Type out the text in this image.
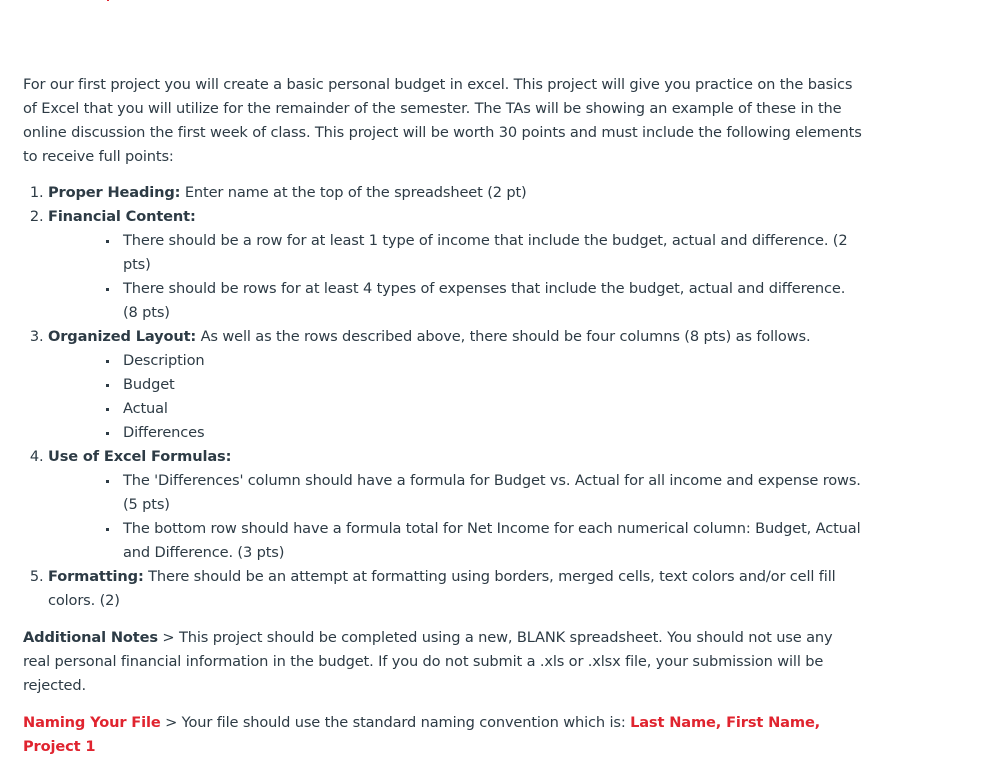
For our first project you will create a basic personal budget in excel. This project will give you practice on the basics of Excel that you will utilize for the remainder of the semester. The TAs will be showing an example of these in the online discussion the first week of class. This project will be worth 30 points and must include the following elements to receive full points:

1. Proper Heading: Enter name at the top of the spreadsheet (2 pt)
2. Financial Content:
There should be a row for at least 1 type of income that include the budget, actual and difference. (2 pts)
There should be rows for at least 4 types of expenses that include the budget, actual and difference. (8 pts)
3. Organized Layout: As well as the rows described above, there should be four columns (8 pts) as follows.
Description
Budget
Actual
Differences
4. Use of Excel Formulas:
The 'Differences' column should have a formula for Budget vs. Actual for all income and expense rows. (5 pts)
The bottom row should have a formula total for Net Income for each numerical column: Budget, Actual and Difference. (3 pts)
5. Formatting: There should be an attempt at formatting using borders, merged cells, text colors and/or cell fill colors. (2)

Additional Notes > This project should be completed using a new, BLANK spreadsheet. You should not use any real personal financial information in the budget. If you do not submit a .xls or .xlsx file, your submission will be rejected.

Naming Your File > Your file should use the standard naming convention which is: Last Name, First Name, Project 1
